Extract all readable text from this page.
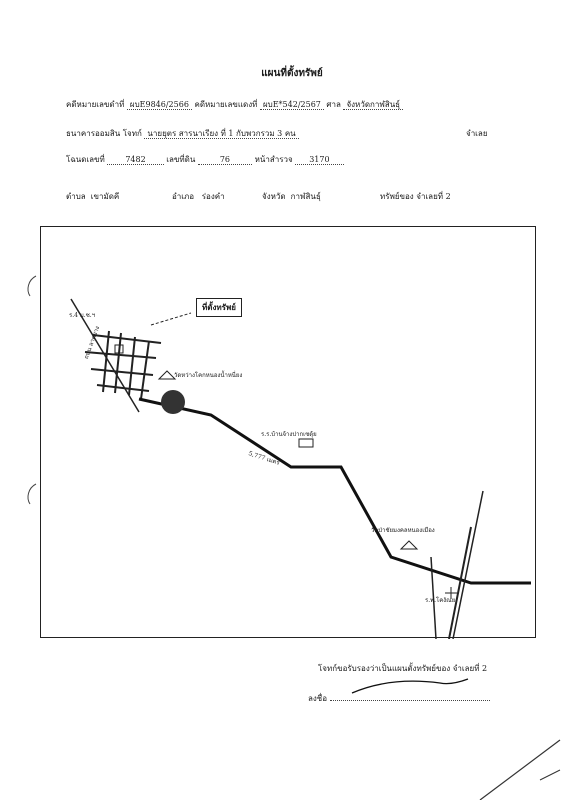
แผนที่ตั้งทรัพย์
คดีหมายเลขดำที่ ผบE9846/2566 คดีหมายเลขแดงที่ ผบE*542/2567 ศาล จังหวัดกาฬสินธุ์
ธนาคารออมสิน โจทก์ นายยุตร สารนาเรียง ที่ 1 กับพวกรวม 3 คน	จำเลย
โฉนดเลขที่	7482	เลขที่ดิน	76	หน้าสำรวจ 3170
ตำบล เขามัดคี	อำเภอ ร่องคำ	จังหวัด กาฬสินธุ์	ทรัพย์ของ จำเลยที่ 2
ที่ตั้งทรัพย์
ร.4 ม.ซ.ฯ
ถนน ลาดยาง
วัดหว่างโคกหนองน้ำหนี่ยง
ร.ร.บ้านจ้างปากเซดุ้ย
5,777 เมตร
วัดป่าชัยมงคลหนองเมือง
ร.พ.โคงัณย
โจทก์ขอรับรองว่าเป็นแผนตั้งทรัพย์ของ จำเลยที่ 2
ลงชื่อ
